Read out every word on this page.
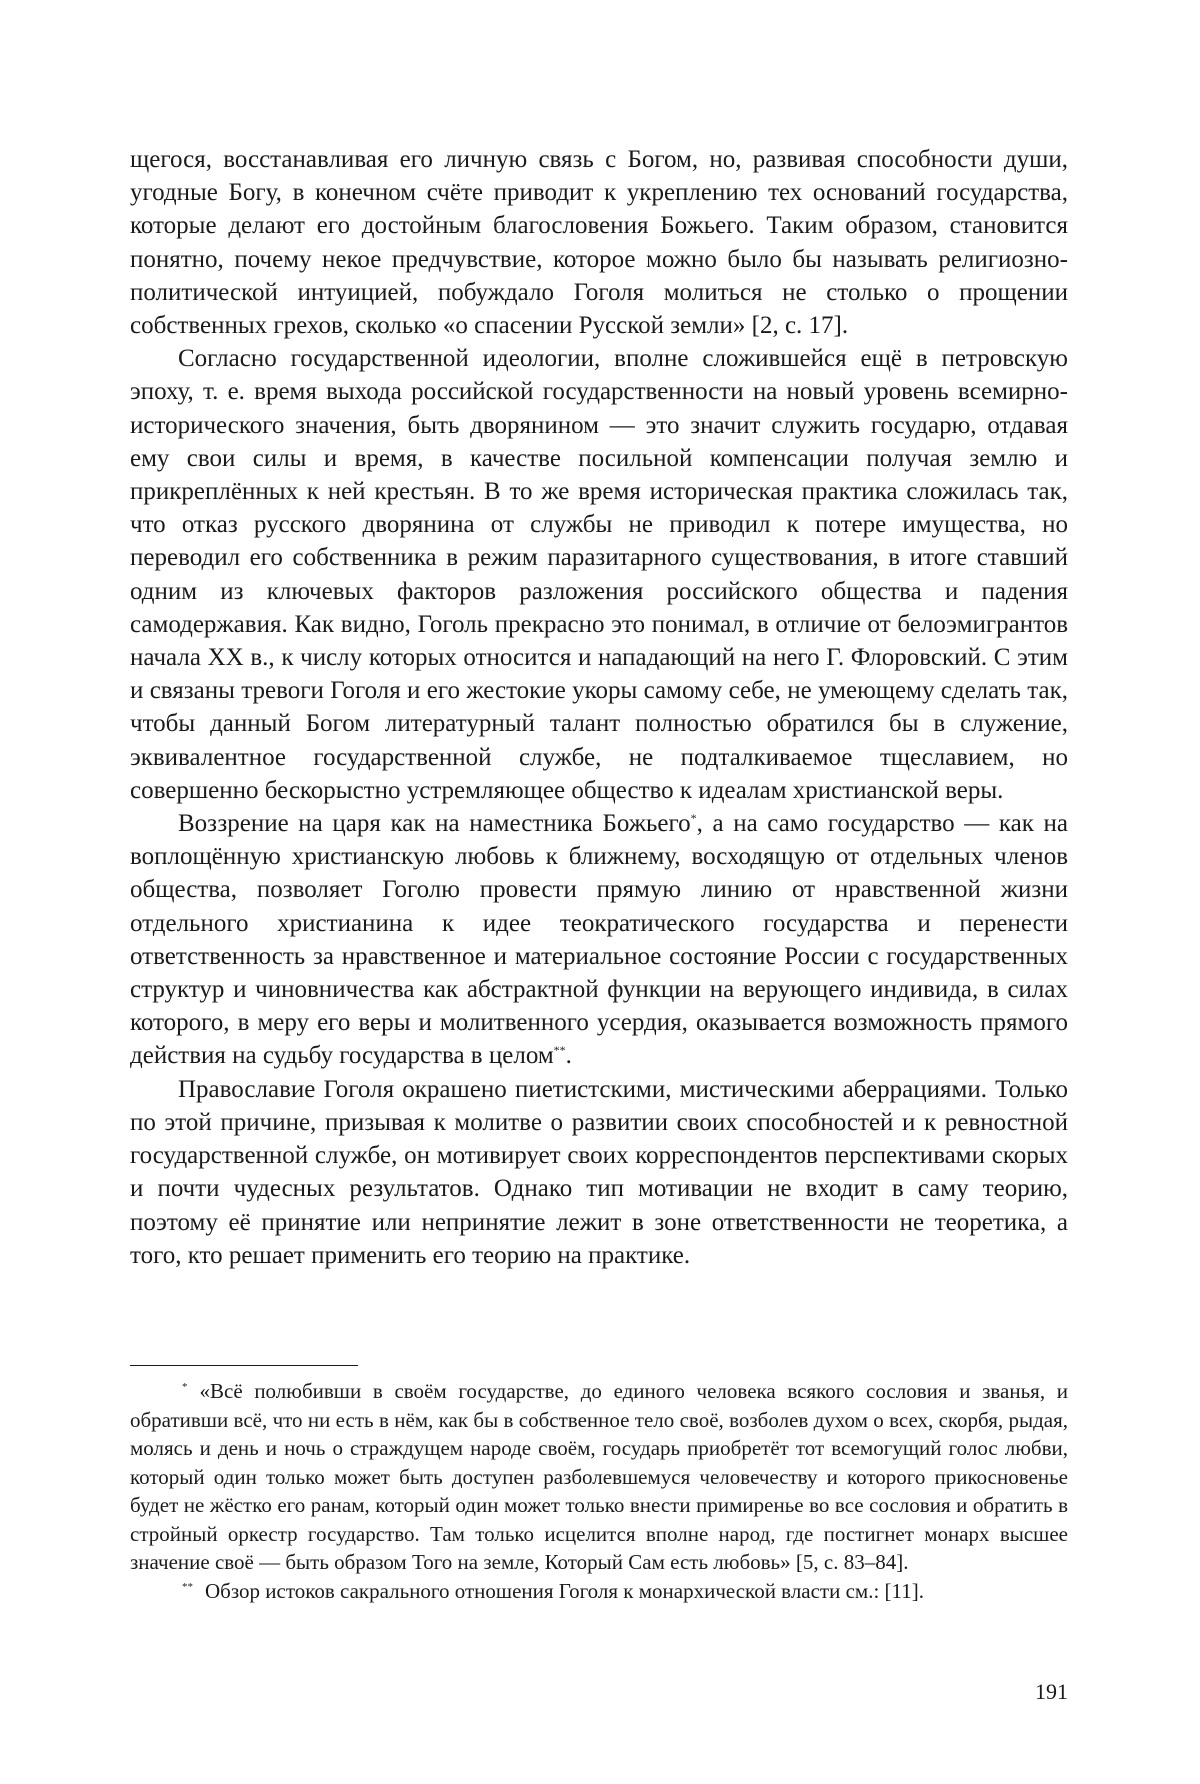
щегося, восстанавливая его личную связь с Богом, но, развивая способности души, угодные Богу, в конечном счёте приводит к укреплению тех оснований государства, которые делают его достойным благословения Божьего. Таким образом, становится понятно, почему некое предчувствие, которое можно было бы называть религиозно-политической интуицией, побуждало Гоголя молиться не столько о прощении собственных грехов, сколько «о спасении Русской земли» [2, с. 17].

Согласно государственной идеологии, вполне сложившейся ещё в петровскую эпоху, т. е. время выхода российской государственности на новый уровень всемирно-исторического значения, быть дворянином — это значит служить государю, отдавая ему свои силы и время, в качестве посильной компенсации получая землю и прикреплённых к ней крестьян. В то же время историческая практика сложилась так, что отказ русского дворянина от службы не приводил к потере имущества, но переводил его собственника в режим паразитарного существования, в итоге ставший одним из ключевых факторов разложения российского общества и падения самодержавия. Как видно, Гоголь прекрасно это понимал, в отличие от белоэмигрантов начала XX в., к числу которых относится и нападающий на него Г. Флоровский. С этим и связаны тревоги Гоголя и его жестокие укоры самому себе, не умеющему сделать так, чтобы данный Богом литературный талант полностью обратился бы в служение, эквивалентное государственной службе, не подталкиваемое тщеславием, но совершенно бескорыстно устремляющее общество к идеалам христианской веры.

Воззрение на царя как на наместника Божьего*, а на само государство — как на воплощённую христианскую любовь к ближнему, восходящую от отдельных членов общества, позволяет Гоголю провести прямую линию от нравственной жизни отдельного христианина к идее теократического государства и перенести ответственность за нравственное и материальное состояние России с государственных структур и чиновничества как абстрактной функции на верующего индивида, в силах которого, в меру его веры и молитвенного усердия, оказывается возможность прямого действия на судьбу государства в целом**.

Православие Гоголя окрашено пиетистскими, мистическими аберрациями. Только по этой причине, призывая к молитве о развитии своих способностей и к ревностной государственной службе, он мотивирует своих корреспондентов перспективами скорых и почти чудесных результатов. Однако тип мотивации не входит в саму теорию, поэтому её принятие или непринятие лежит в зоне ответственности не теоретика, а того, кто решает применить его теорию на практике.

* «Всё полюбивши в своём государстве, до единого человека всякого сословия и званья, и обративши всё, что ни есть в нём, как бы в собственное тело своё, возболев духом о всех, скорбя, рыдая, молясь и день и ночь о страждущем народе своём, государь приобретёт тот всемогущий голос любви, который один только может быть доступен разболевшемуся человечеству и которого прикосновенье будет не жёстко его ранам, который один может только внести примиренье во все сословия и обратить в стройный оркестр государство. Там только исцелится вполне народ, где постигнет монарх высшее значение своё — быть образом Того на земле, Который Сам есть любовь» [5, с. 83–84].

** Обзор истоков сакрального отношения Гоголя к монархической власти см.: [11].

191
